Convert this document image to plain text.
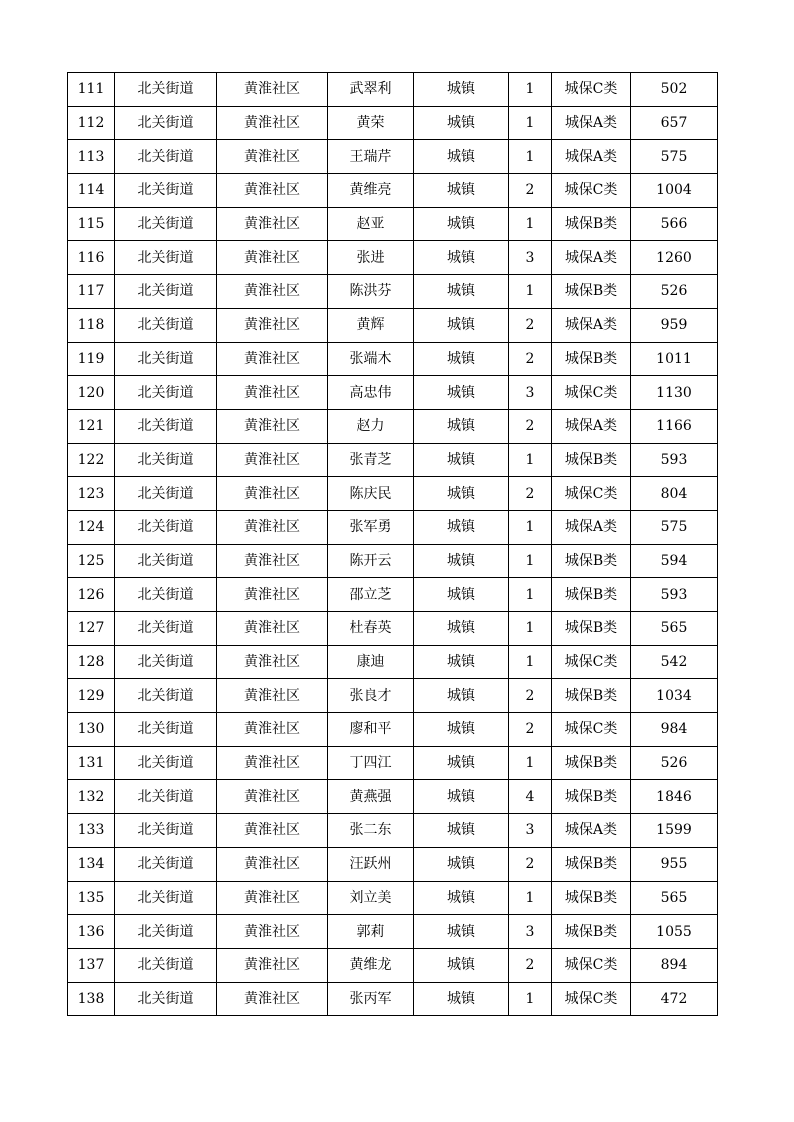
111	北关街道	黄淮社区	武翠利	城镇	1	城保C类	502
112	北关街道	黄淮社区	黄荣	城镇	1	城保A类	657
113	北关街道	黄淮社区	王瑞芹	城镇	1	城保A类	575
114	北关街道	黄淮社区	黄维亮	城镇	2	城保C类	1004
115	北关街道	黄淮社区	赵亚	城镇	1	城保B类	566
116	北关街道	黄淮社区	张进	城镇	3	城保A类	1260
117	北关街道	黄淮社区	陈洪芬	城镇	1	城保B类	526
118	北关街道	黄淮社区	黄辉	城镇	2	城保A类	959
119	北关街道	黄淮社区	张端木	城镇	2	城保B类	1011
120	北关街道	黄淮社区	高忠伟	城镇	3	城保C类	1130
121	北关街道	黄淮社区	赵力	城镇	2	城保A类	1166
122	北关街道	黄淮社区	张青芝	城镇	1	城保B类	593
123	北关街道	黄淮社区	陈庆民	城镇	2	城保C类	804
124	北关街道	黄淮社区	张军勇	城镇	1	城保A类	575
125	北关街道	黄淮社区	陈开云	城镇	1	城保B类	594
126	北关街道	黄淮社区	邵立芝	城镇	1	城保B类	593
127	北关街道	黄淮社区	杜春英	城镇	1	城保B类	565
128	北关街道	黄淮社区	康迪	城镇	1	城保C类	542
129	北关街道	黄淮社区	张良才	城镇	2	城保B类	1034
130	北关街道	黄淮社区	廖和平	城镇	2	城保C类	984
131	北关街道	黄淮社区	丁四江	城镇	1	城保B类	526
132	北关街道	黄淮社区	黄燕强	城镇	4	城保B类	1846
133	北关街道	黄淮社区	张二东	城镇	3	城保A类	1599
134	北关街道	黄淮社区	汪跃州	城镇	2	城保B类	955
135	北关街道	黄淮社区	刘立美	城镇	1	城保B类	565
136	北关街道	黄淮社区	郭莉	城镇	3	城保B类	1055
137	北关街道	黄淮社区	黄维龙	城镇	2	城保C类	894
138	北关街道	黄淮社区	张丙军	城镇	1	城保C类	472
